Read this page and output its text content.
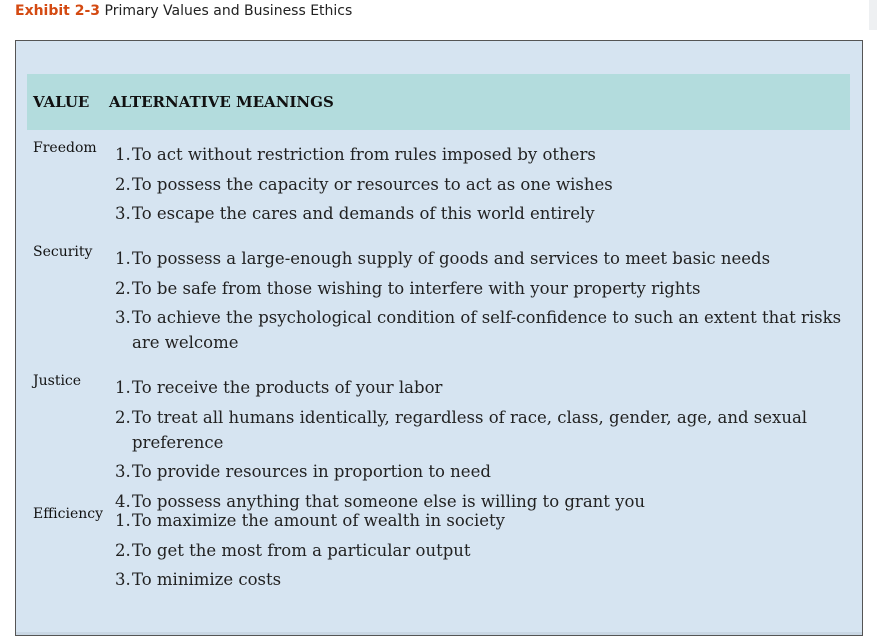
Exhibit 2-3 Primary Values and Business Ethics
VALUE ALTERNATIVE MEANINGS
Freedom 1. To act without restriction from rules imposed by others
2. To possess the capacity or resources to act as one wishes
3. To escape the cares and demands of this world entirely
Security 1. To possess a large-enough supply of goods and services to meet basic needs
2. To be safe from those wishing to interfere with your property rights
3. To achieve the psychological condition of self-confidence to such an extent that risks are welcome
Justice 1. To receive the products of your labor
2. To treat all humans identically, regardless of race, class, gender, age, and sexual preference
3. To provide resources in proportion to need
4. To possess anything that someone else is willing to grant you
Efficiency 1. To maximize the amount of wealth in society
2. To get the most from a particular output
3. To minimize costs
